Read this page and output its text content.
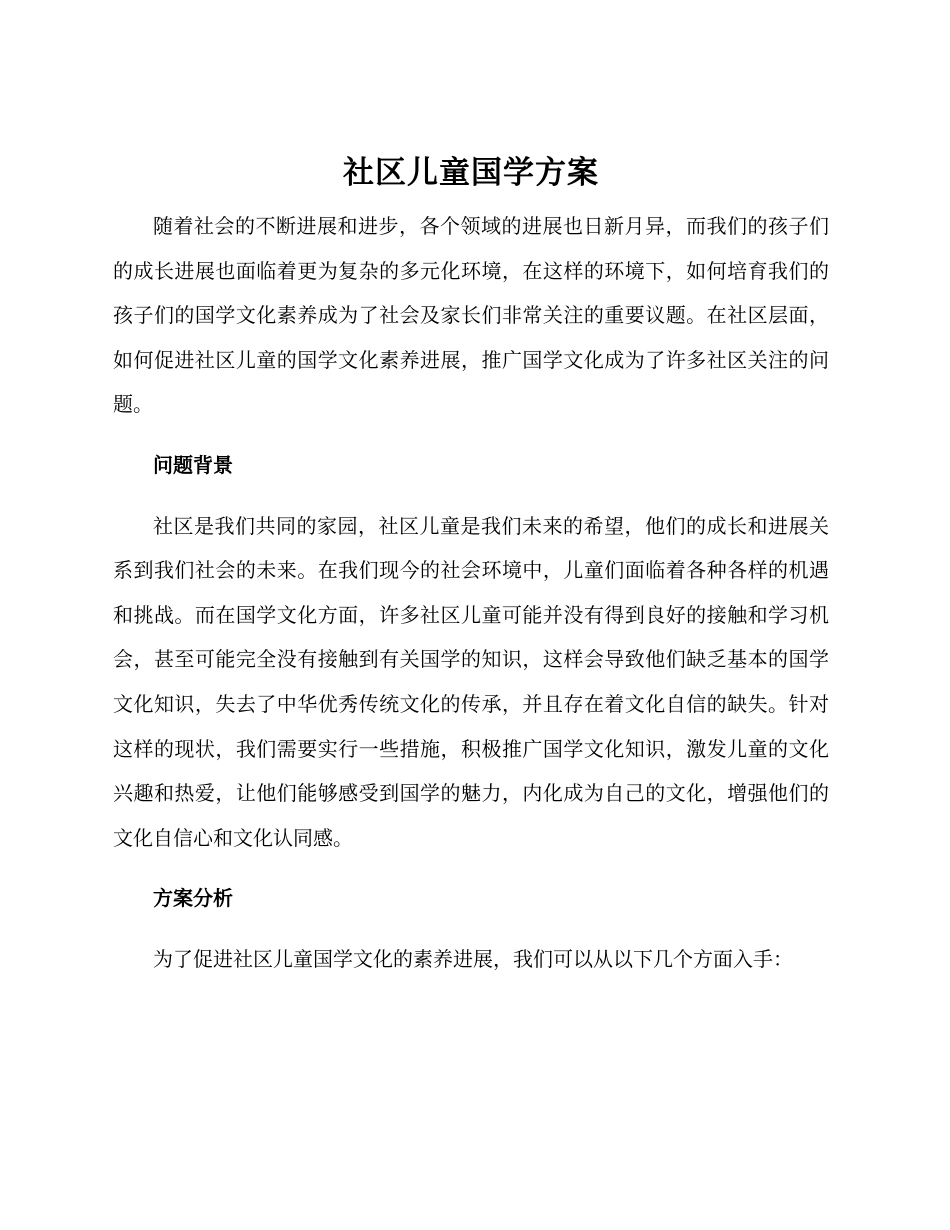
社区儿童国学方案

随着社会的不断进展和进步，各个领域的进展也日新月异，而我们的孩子们的成长进展也面临着更为复杂的多元化环境，在这样的环境下，如何培育我们的孩子们的国学文化素养成为了社会及家长们非常关注的重要议题。在社区层面，如何促进社区儿童的国学文化素养进展，推广国学文化成为了许多社区关注的问题。

问题背景

社区是我们共同的家园，社区儿童是我们未来的希望，他们的成长和进展关系到我们社会的未来。在我们现今的社会环境中，儿童们面临着各种各样的机遇和挑战。而在国学文化方面，许多社区儿童可能并没有得到良好的接触和学习机会，甚至可能完全没有接触到有关国学的知识，这样会导致他们缺乏基本的国学文化知识，失去了中华优秀传统文化的传承，并且存在着文化自信的缺失。针对这样的现状，我们需要实行一些措施，积极推广国学文化知识，激发儿童的文化兴趣和热爱，让他们能够感受到国学的魅力，内化成为自己的文化，增强他们的文化自信心和文化认同感。

方案分析

为了促进社区儿童国学文化的素养进展，我们可以从以下几个方面入手：
